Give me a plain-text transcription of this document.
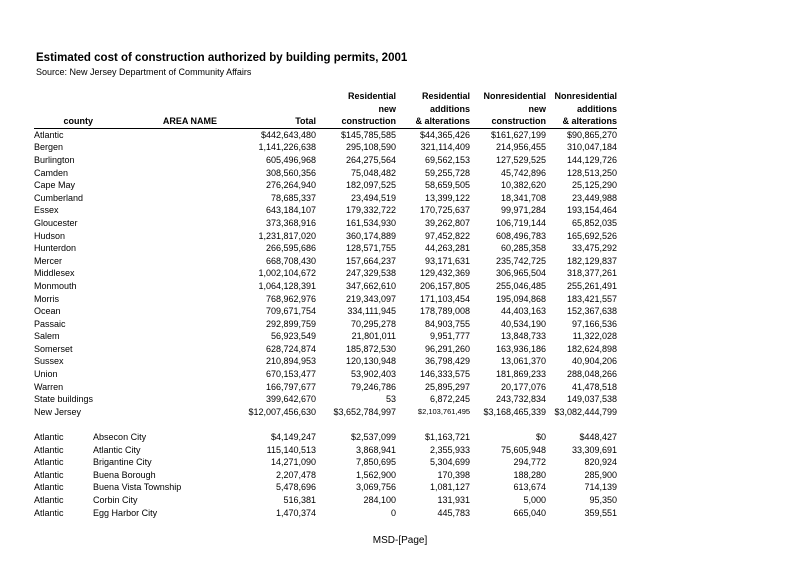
Estimated cost of construction authorized by building permits, 2001
Source: New Jersey Department of Community Affairs
			Residential	Residential	Nonresidential	Nonresidential
			new	additions	new	additions
county	AREA NAME	Total	construction	& alterations	construction	& alterations
Atlantic		$442,643,480	$145,785,585	$44,365,426	$161,627,199	$90,865,270
Bergen		1,141,226,638	295,108,590	321,114,409	214,956,455	310,047,184
Burlington		605,496,968	264,275,564	69,562,153	127,529,525	144,129,726
Camden		308,560,356	75,048,482	59,255,728	45,742,896	128,513,250
Cape May		276,264,940	182,097,525	58,659,505	10,382,620	25,125,290
Cumberland		78,685,337	23,494,519	13,399,122	18,341,708	23,449,988
Essex		643,184,107	179,332,722	170,725,637	99,971,284	193,154,464
Gloucester		373,368,916	161,534,930	39,262,807	106,719,144	65,852,035
Hudson		1,231,817,020	360,174,889	97,452,822	608,496,783	165,692,526
Hunterdon		266,595,686	128,571,755	44,263,281	60,285,358	33,475,292
Mercer		668,708,430	157,664,237	93,171,631	235,742,725	182,129,837
Middlesex		1,002,104,672	247,329,538	129,432,369	306,965,504	318,377,261
Monmouth		1,064,128,391	347,662,610	206,157,805	255,046,485	255,261,491
Morris		768,962,976	219,343,097	171,103,454	195,094,868	183,421,557
Ocean		709,671,754	334,111,945	178,789,008	44,403,163	152,367,638
Passaic		292,899,759	70,295,278	84,903,755	40,534,190	97,166,536
Salem		56,923,549	21,801,011	9,951,777	13,848,733	11,322,028
Somerset		628,724,874	185,872,530	96,291,260	163,936,186	182,624,898
Sussex		210,894,953	120,130,948	36,798,429	13,061,370	40,904,206
Union		670,153,477	53,902,403	146,333,575	181,869,233	288,048,266
Warren		166,797,677	79,246,786	25,895,297	20,177,076	41,478,518
State buildings		399,642,670	53	6,872,245	243,732,834	149,037,538
New Jersey		$12,007,456,630	$3,652,784,997	$2,103,761,495	$3,168,465,339	$3,082,444,799

Atlantic	Absecon City	$4,149,247	$2,537,099	$1,163,721	$0	$448,427
Atlantic	Atlantic City	115,140,513	3,868,941	2,355,933	75,605,948	33,309,691
Atlantic	Brigantine City	14,271,090	7,850,695	5,304,699	294,772	820,924
Atlantic	Buena Borough	2,207,478	1,562,900	170,398	188,280	285,900
Atlantic	Buena Vista Township	5,478,696	3,069,756	1,081,127	613,674	714,139
Atlantic	Corbin City	516,381	284,100	131,931	5,000	95,350
Atlantic	Egg Harbor City	1,470,374	0	445,783	665,040	359,551
MSD-[Page]
